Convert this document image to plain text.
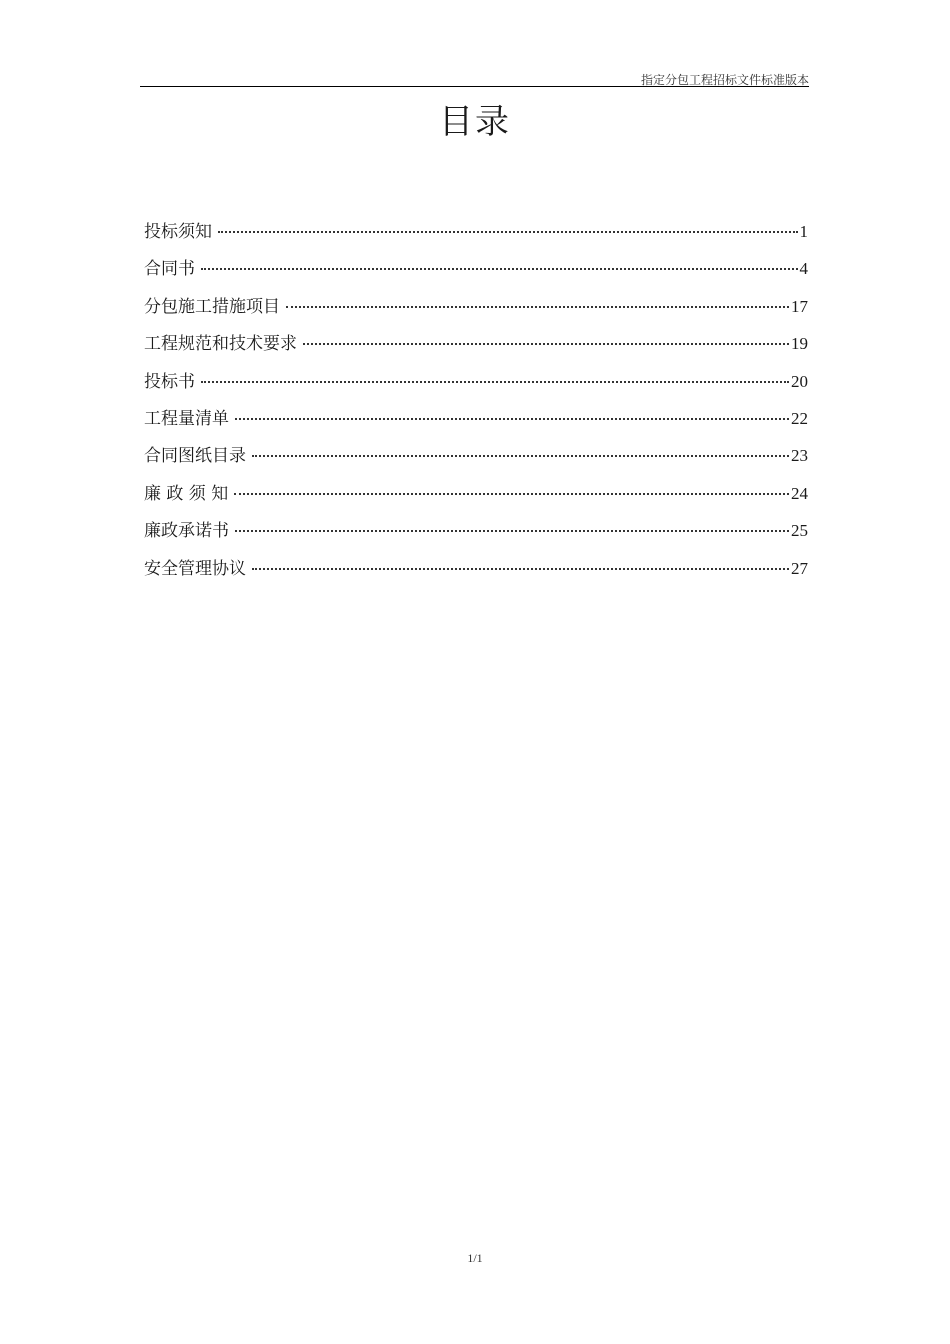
指定分包工程招标文件标准版本
目录
投标须知	1
合同书	4
分包施工措施项目	17
工程规范和技术要求	19
投标书	20
工程量清单	22
合同图纸目录	23
廉 政 须 知	24
廉政承诺书	25
安全管理协议	27
1/1
